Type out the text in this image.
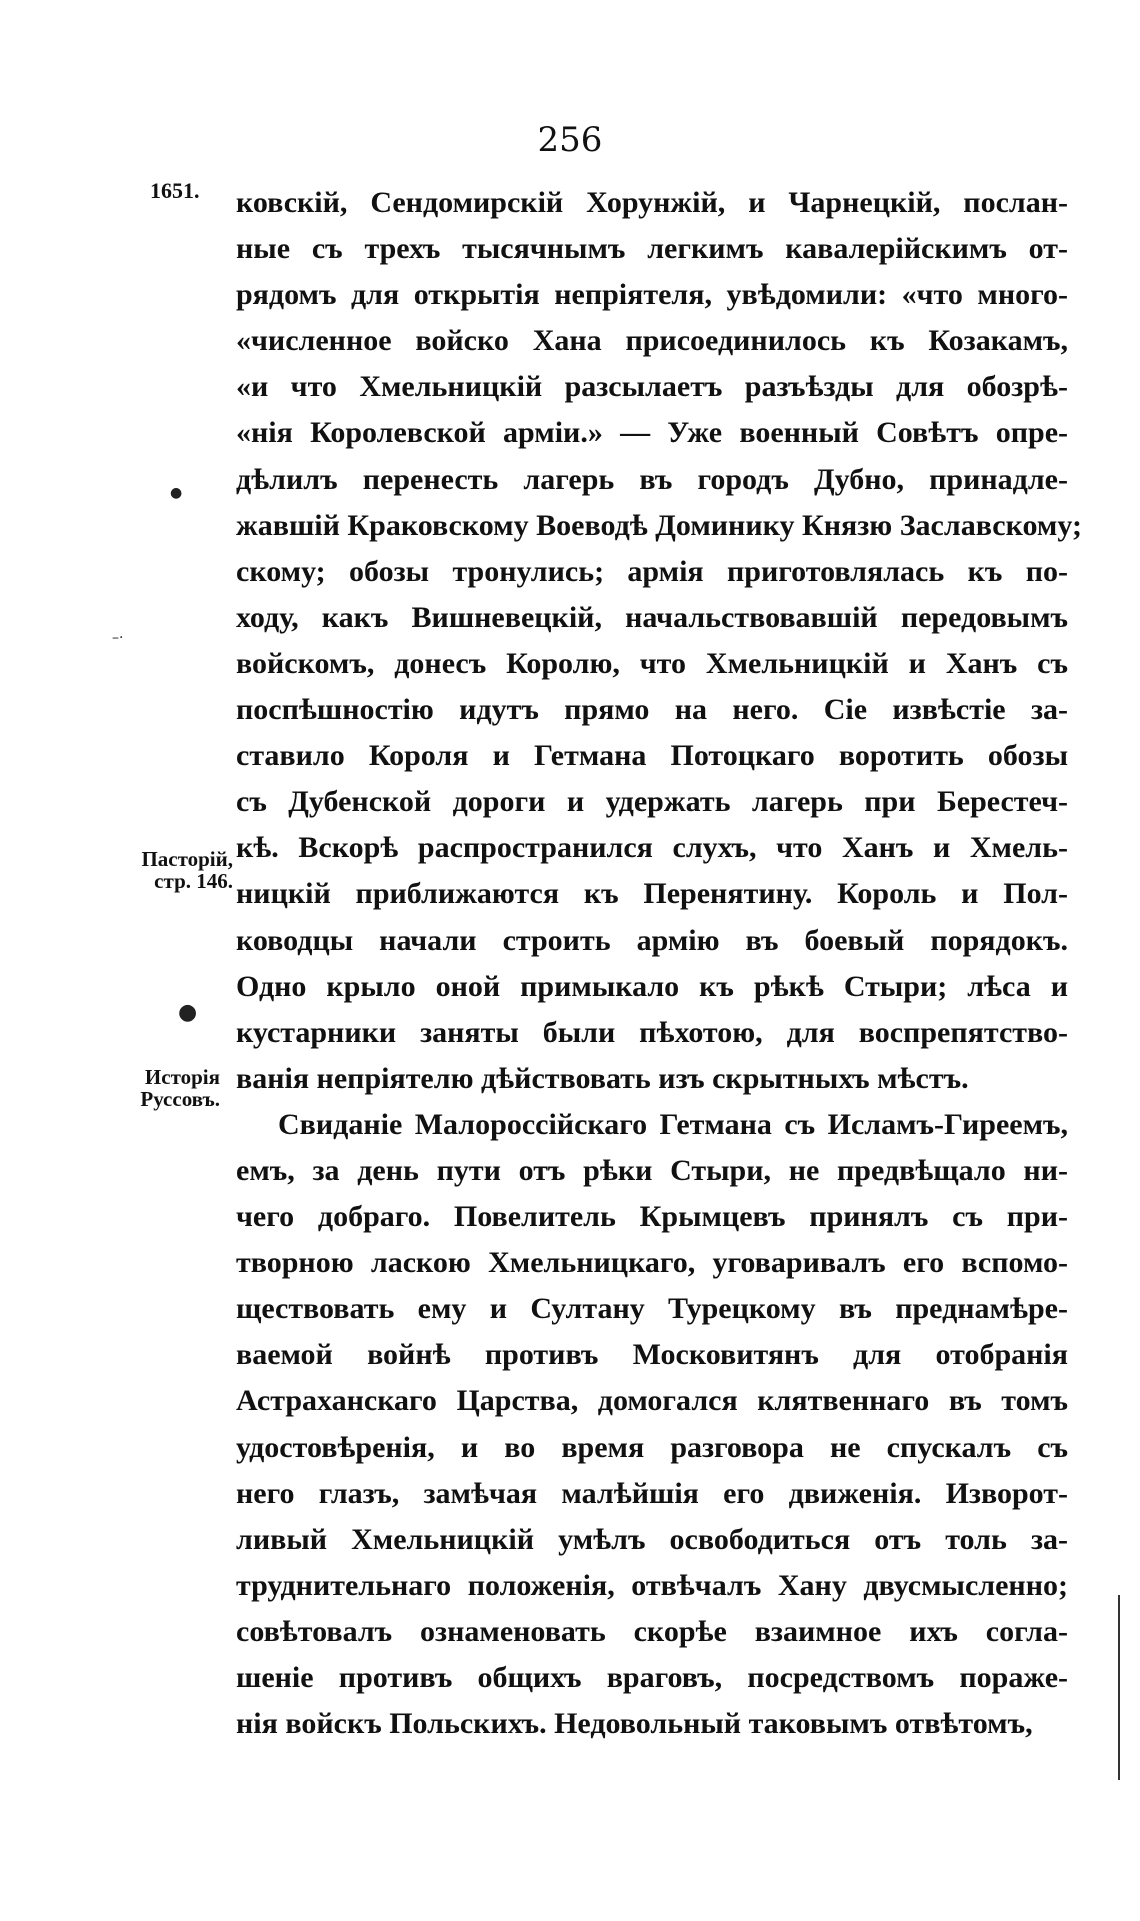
256
1651.
Пасторій,
стр. 146.
Исторія
Руссовъ.
ковскій, Сендомирскій Хорунжій, и Чарнецкій, послан-
ные съ трехъ тысячнымъ легкимъ кавалерійскимъ от-
рядомъ для открытія непріятеля, увѣдомили: «что много-
«численное войско Хана присоединилось къ Козакамъ,
«и что Хмельницкій разсылаетъ разъѣзды для обозрѣ-
«нія Королевской арміи.» — Уже военный Совѣтъ опре-
дѣлилъ перенесть лагерь въ городъ Дубно, принадле-
жавшій Краковскому Воеводѣ Доминику Князю Заславскому;
скому; обозы тронулись; армія приготовлялась къ по-
ходу, какъ Вишневецкій, начальствовавшій передовымъ
войскомъ, донесъ Королю, что Хмельницкій и Ханъ съ
поспѣшностію идутъ прямо на него. Сіе извѣстіе за-
ставило Короля и Гетмана Потоцкаго воротить обозы
съ Дубенской дороги и удержать лагерь при Берестеч-
кѣ. Вскорѣ распространился слухъ, что Ханъ и Хмель-
ницкій приближаются къ Перенятину. Король и Пол-
ководцы начали строить армію въ боевый порядокъ.
Одно крыло оной примыкало къ рѣкѣ Стыри; лѣса и
кустарники заняты были пѣхотою, для воспрепятство-
ванія непріятелю дѣйствовать изъ скрытныхъ мѣстъ.
Свиданіе Малороссійскаго Гетмана съ Исламъ-Гиреемъ,
емъ, за день пути отъ рѣки Стыри, не предвѣщало ни-
чего добраго. Повелитель Крымцевъ принялъ съ при-
творною ласкою Хмельницкаго, уговаривалъ его вспомо-
ществовать ему и Султану Турецкому въ преднамѣре-
ваемой войнѣ противъ Московитянъ для отобранія
Астраханскаго Царства, домогался клятвеннаго въ томъ
удостовѣренія, и во время разговора не спускалъ съ
него глазъ, замѣчая малѣйшія его движенія. Изворот-
ливый Хмельницкій умѣлъ освободиться отъ толь за-
труднительнаго положенія, отвѣчалъ Хану двусмысленно;
совѣтовалъ ознаменовать скорѣе взаимное ихъ согла-
шеніе противъ общихъ враговъ, посредствомъ пораже-
нія войскъ Польскихъ. Недовольный таковымъ отвѣтомъ,
●
–·
●
